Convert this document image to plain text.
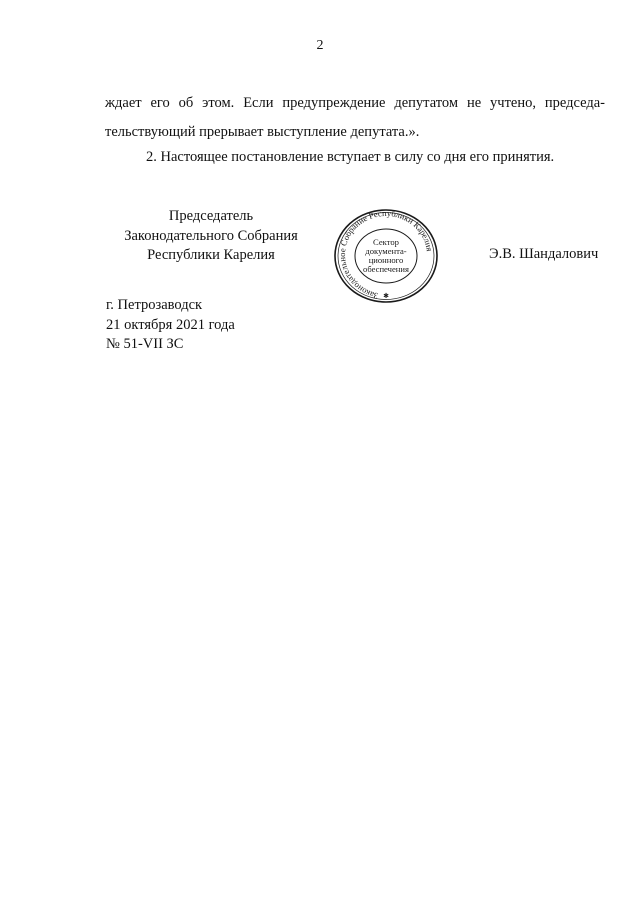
2
ждает его об этом. Если предупреждение депутатом не учтено, председа-
тельствующий прерывает выступление депутата.».
2. Настоящее постановление вступает в силу со дня его принятия.
Председатель
Законодательного Собрания
Республики Карелия
Законодательное Собрание Республики Карелия
✱
Сектор
документа-
ционного
обеспечения
Э.В. Шандалович
г. Петрозаводск
21 октября 2021 года
№ 51-VII ЗС
